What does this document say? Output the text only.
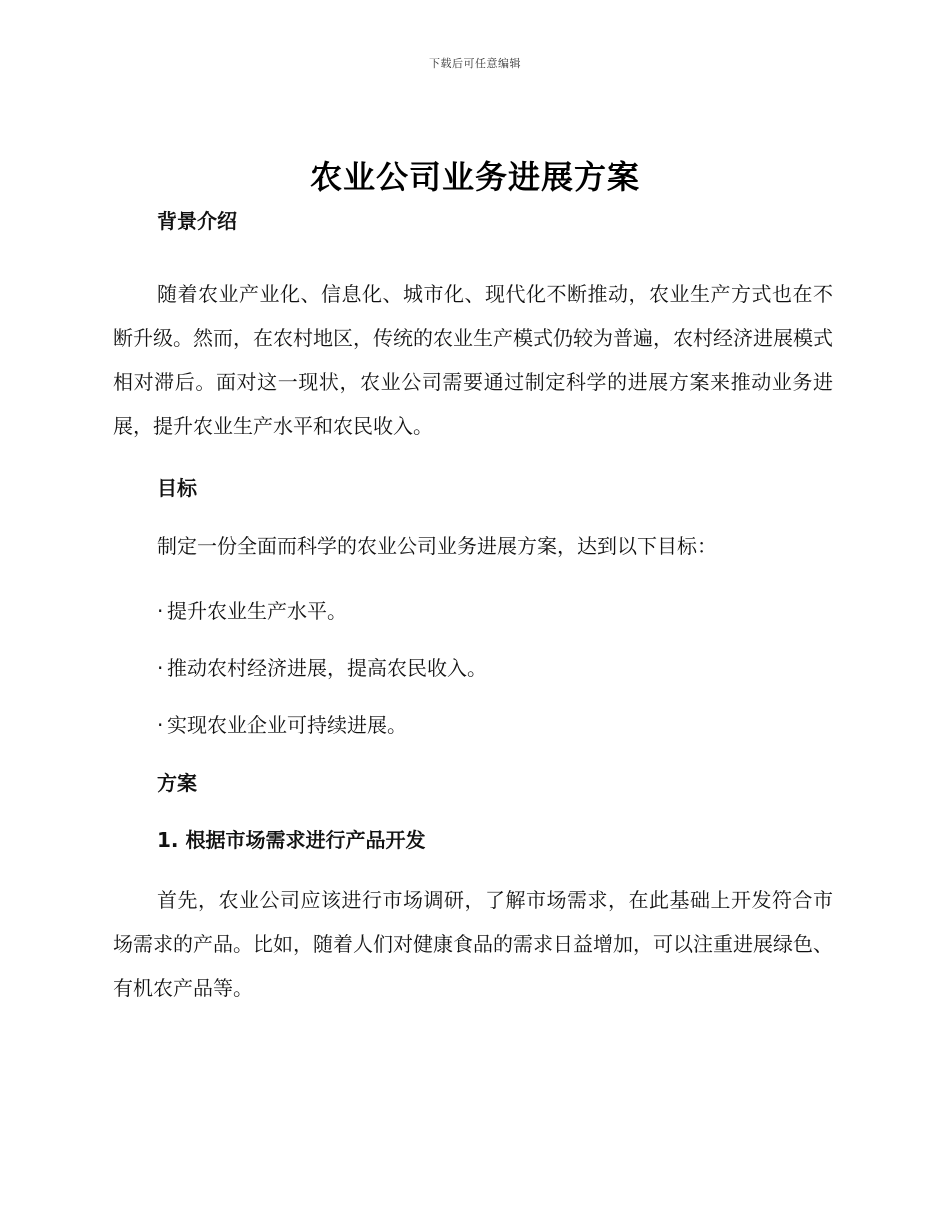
下载后可任意编辑
农业公司业务进展方案

背景介绍

随着农业产业化、信息化、城市化、现代化不断推动，农业生产方式也在不断升级。然而，在农村地区，传统的农业生产模式仍较为普遍，农村经济进展模式相对滞后。面对这一现状，农业公司需要通过制定科学的进展方案来推动业务进展，提升农业生产水平和农民收入。

目标

制定一份全面而科学的农业公司业务进展方案，达到以下目标：

· 提升农业生产水平。

· 推动农村经济进展，提高农民收入。

· 实现农业企业可持续进展。

方案

1. 根据市场需求进行产品开发

首先，农业公司应该进行市场调研，了解市场需求，在此基础上开发符合市场需求的产品。比如，随着人们对健康食品的需求日益增加，可以注重进展绿色、有机农产品等。
